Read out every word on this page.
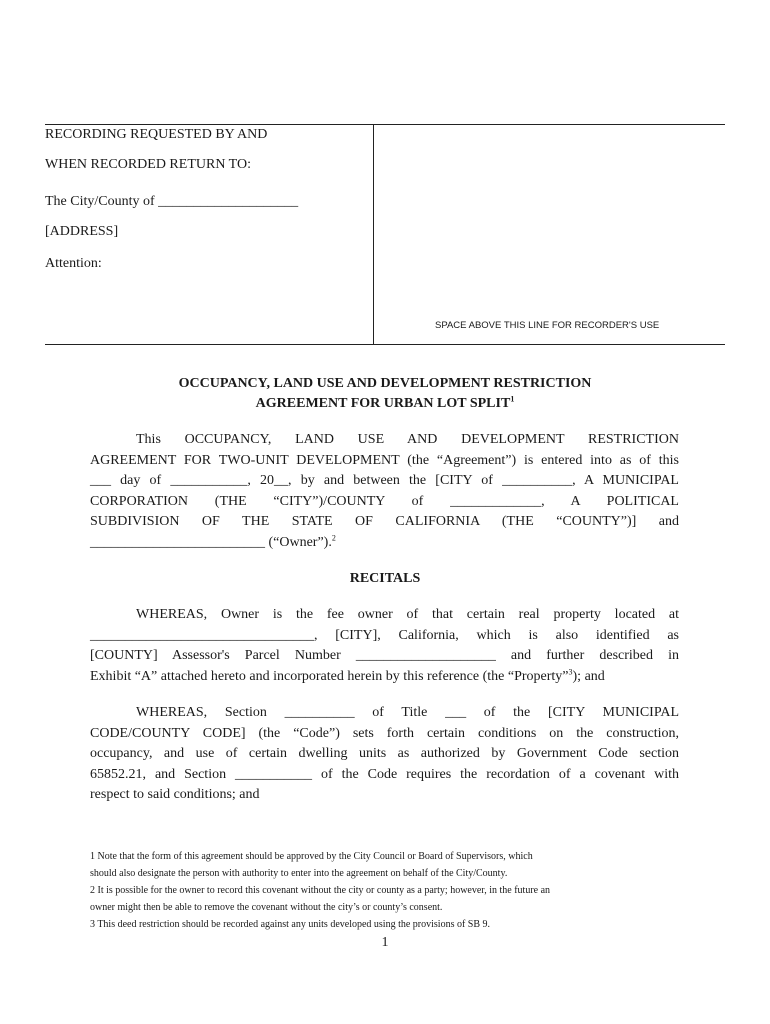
RECORDING REQUESTED BY AND
WHEN RECORDED RETURN TO:
The City/County of ____________________
[ADDRESS]
Attention:
SPACE ABOVE THIS LINE FOR RECORDER'S USE
OCCUPANCY, LAND USE AND DEVELOPMENT RESTRICTION
AGREEMENT FOR URBAN LOT SPLIT$^1$
This OCCUPANCY, LAND USE AND DEVELOPMENT RESTRICTION
AGREEMENT FOR TWO-UNIT DEVELOPMENT (the “Agreement”) is entered into as of this
___ day of ___________, 20__, by and between the [CITY of __________, A MUNICIPAL
CORPORATION (THE “CITY”)/COUNTY of _____________, A POLITICAL
SUBDIVISION OF THE STATE OF CALIFORNIA (THE “COUNTY”)] and
_________________________ (“Owner”).$^2$
RECITALS
WHEREAS, Owner is the fee owner of that certain real property located at
________________________________, [CITY], California, which is also identified as
[COUNTY] Assessor's Parcel Number ____________________ and further described in
Exhibit “A” attached hereto and incorporated herein by this reference (the “Property”$^3$); and
WHEREAS, Section __________ of Title ___ of the [CITY MUNICIPAL
CODE/COUNTY CODE] (the “Code”) sets forth certain conditions on the construction,
occupancy, and use of certain dwelling units as authorized by Government Code section
65852.21, and Section ___________ of the Code requires the recordation of a covenant with
respect to said conditions; and
1 Note that the form of this agreement should be approved by the City Council or Board of Supervisors, which
should also designate the person with authority to enter into the agreement on behalf of the City/County.
2 It is possible for the owner to record this covenant without the city or county as a party; however, in the future an
owner might then be able to remove the covenant without the city’s or county’s consent.
3 This deed restriction should be recorded against any units developed using the provisions of SB 9.
1
